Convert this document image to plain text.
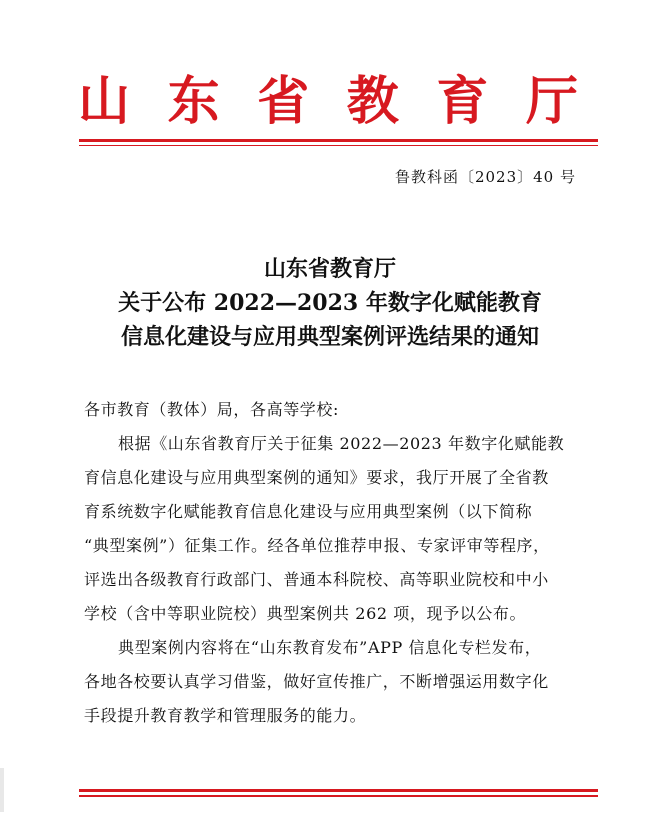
山 东 省 教 育 厅
鲁教科函〔2023〕40 号
山东省教育厅
关于公布 2022—2023 年数字化赋能教育
信息化建设与应用典型案例评选结果的通知
各市教育（教体）局，各高等学校:
根据《山东省教育厅关于征集 2022—2023 年数字化赋能教
育信息化建设与应用典型案例的通知》要求，我厅开展了全省教
育系统数字化赋能教育信息化建设与应用典型案例（以下简称
“典型案例”）征集工作。经各单位推荐申报、专家评审等程序，
评选出各级教育行政部门、普通本科院校、高等职业院校和中小
学校（含中等职业院校）典型案例共 262 项，现予以公布。
典型案例内容将在“山东教育发布”APP 信息化专栏发布，
各地各校要认真学习借鉴，做好宣传推广，不断增强运用数字化
手段提升教育教学和管理服务的能力。
